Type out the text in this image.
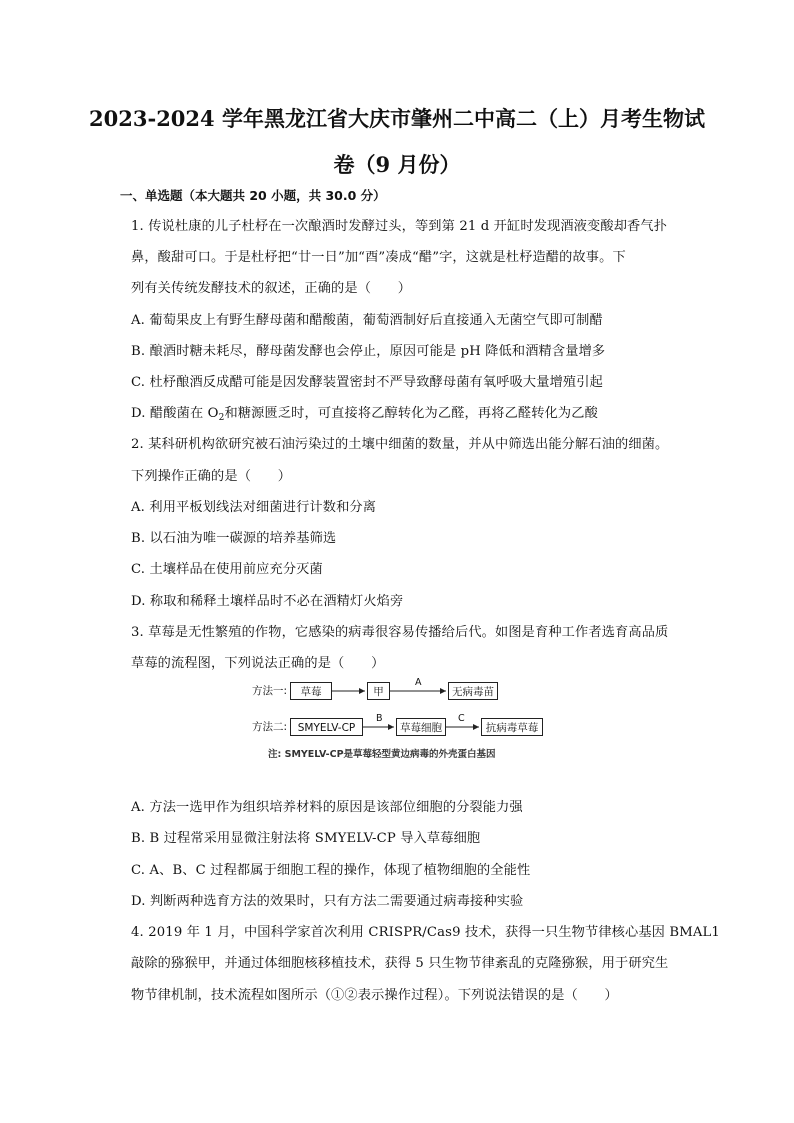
2023-2024 学年黑龙江省大庆市肇州二中高二（上）月考生物试
卷（9 月份）
一、单选题（本大题共 20 小题，共 30.0 分）
1. 传说杜康的儿子杜杼在一次酿酒时发酵过头，等到第 21 d 开缸时发现酒液变酸却香气扑
鼻，酸甜可口。于是杜杼把“廿一日”加“酉”凑成“醋”字，这就是杜杼造醋的故事。下
列有关传统发酵技术的叙述，正确的是（　　）
A. 葡萄果皮上有野生酵母菌和醋酸菌，葡萄酒制好后直接通入无菌空气即可制醋
B. 酿酒时糖未耗尽，酵母菌发酵也会停止，原因可能是 pH 降低和酒精含量增多
C. 杜杼酿酒反成醋可能是因发酵装置密封不严导致酵母菌有氧呼吸大量增殖引起
D. 醋酸菌在 $O_2$和糖源匮乏时，可直接将乙醇转化为乙醛，再将乙醛转化为乙酸
2. 某科研机构欲研究被石油污染过的土壤中细菌的数量，并从中筛选出能分解石油的细菌。
下列操作正确的是（　　）
A. 利用平板划线法对细菌进行计数和分离
B. 以石油为唯一碳源的培养基筛选
C. 土壤样品在使用前应充分灭菌
D. 称取和稀释土壤样品时不必在酒精灯火焰旁
3. 草莓是无性繁殖的作物，它感染的病毒很容易传播给后代。如图是育种工作者选育高品质
草莓的流程图，下列说法正确的是（　　）
方法一:	草莓	甲
A
无病毒苗
方法二:	SMYELV-CP
B
草莓细胞
C
抗病毒草莓
注: SMYELV-CP是草莓轻型黄边病毒的外壳蛋白基因
A. 方法一选甲作为组织培养材料的原因是该部位细胞的分裂能力强
B. B 过程常采用显微注射法将 SMYELV-CP 导入草莓细胞
C. A、B、C 过程都属于细胞工程的操作，体现了植物细胞的全能性
D. 判断两种选育方法的效果时，只有方法二需要通过病毒接种实验
4. 2019 年 1 月，中国科学家首次利用 CRISPR/Cas9 技术，获得一只生物节律核心基因 BMAL1
敲除的猕猴甲，并通过体细胞核移植技术，获得 5 只生物节律紊乱的克隆猕猴，用于研究生
物节律机制，技术流程如图所示（①②表示操作过程）。下列说法错误的是（　　）
